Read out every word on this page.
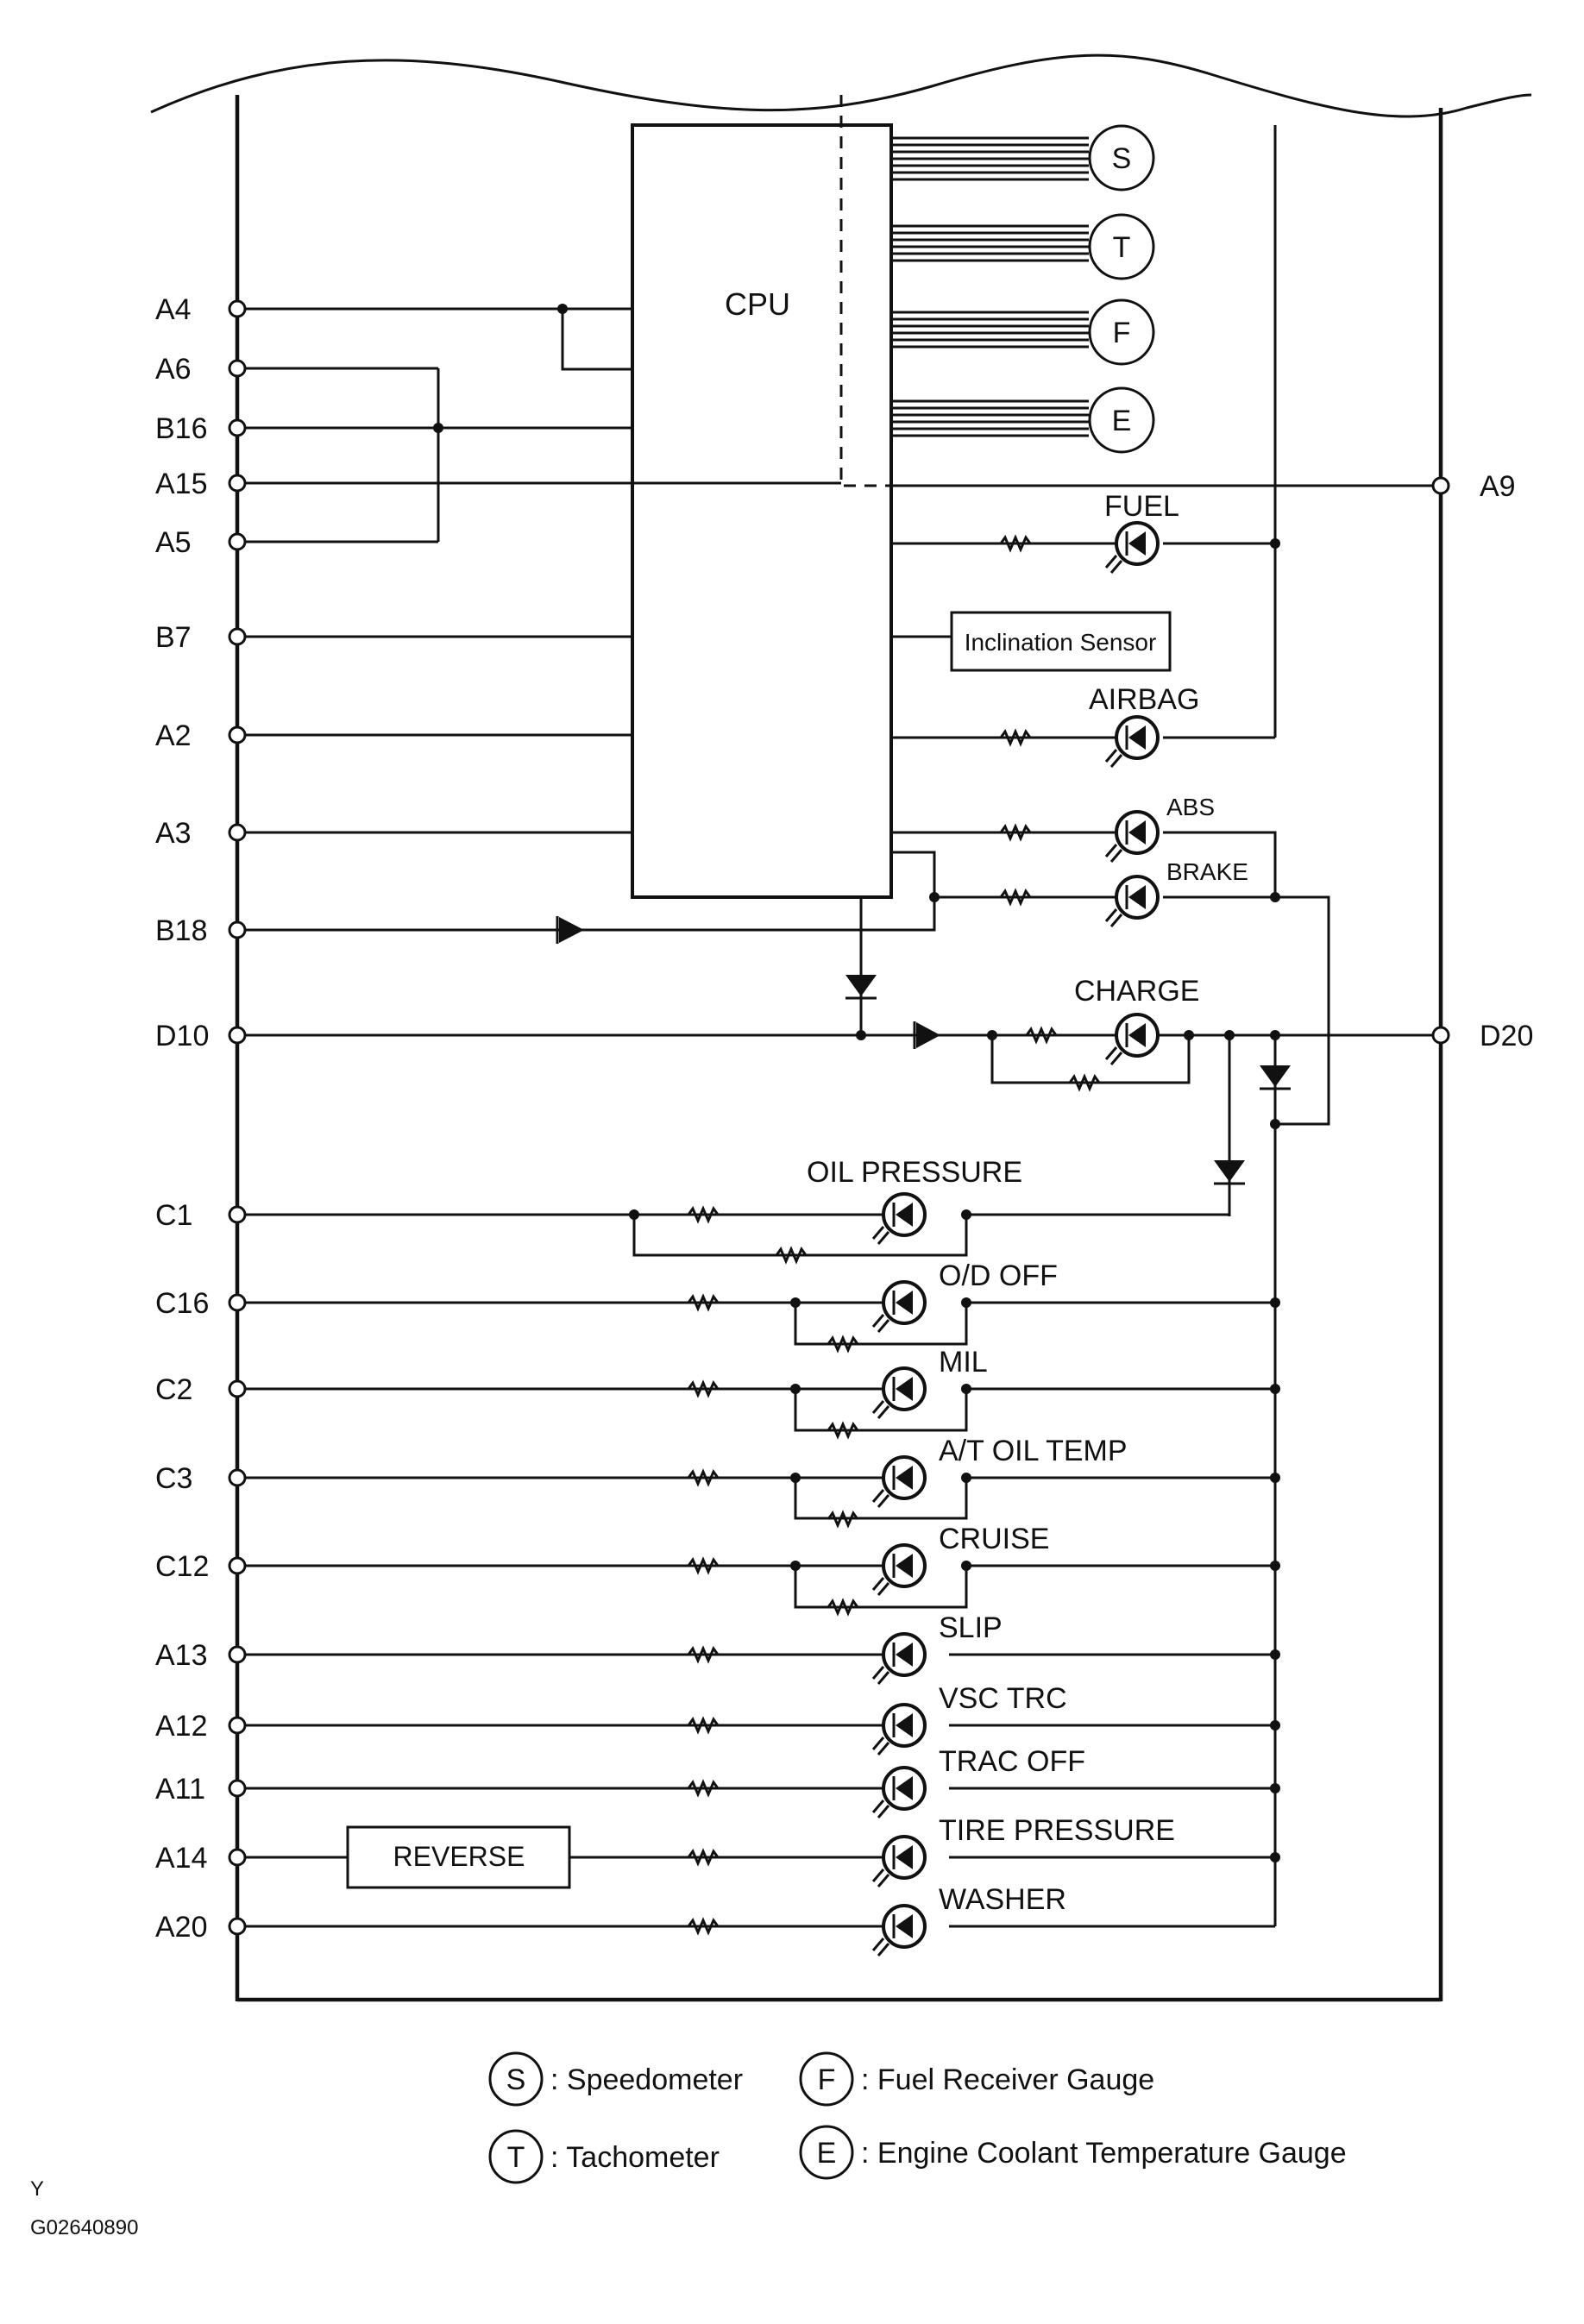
CPU
S
T
F
E
Inclination Sensor
REVERSE
A4
A6
B16
A15
A5
B7
A2
A3
B18
D10
C1
C16
C2
C3
C12
A13
A12
A11
A14
A20
A9
D20
FUEL
AIRBAG
ABS
BRAKE
CHARGE
OIL PRESSURE
O/D OFF
MIL
A/T OIL TEMP
CRUISE
SLIP
VSC TRC
TRAC OFF
TIRE PRESSURE
WASHER
S : Speedometer	F : Fuel Receiver Gauge
T : Tachometer	E : Engine Coolant Temperature Gauge
Y
G02640890
